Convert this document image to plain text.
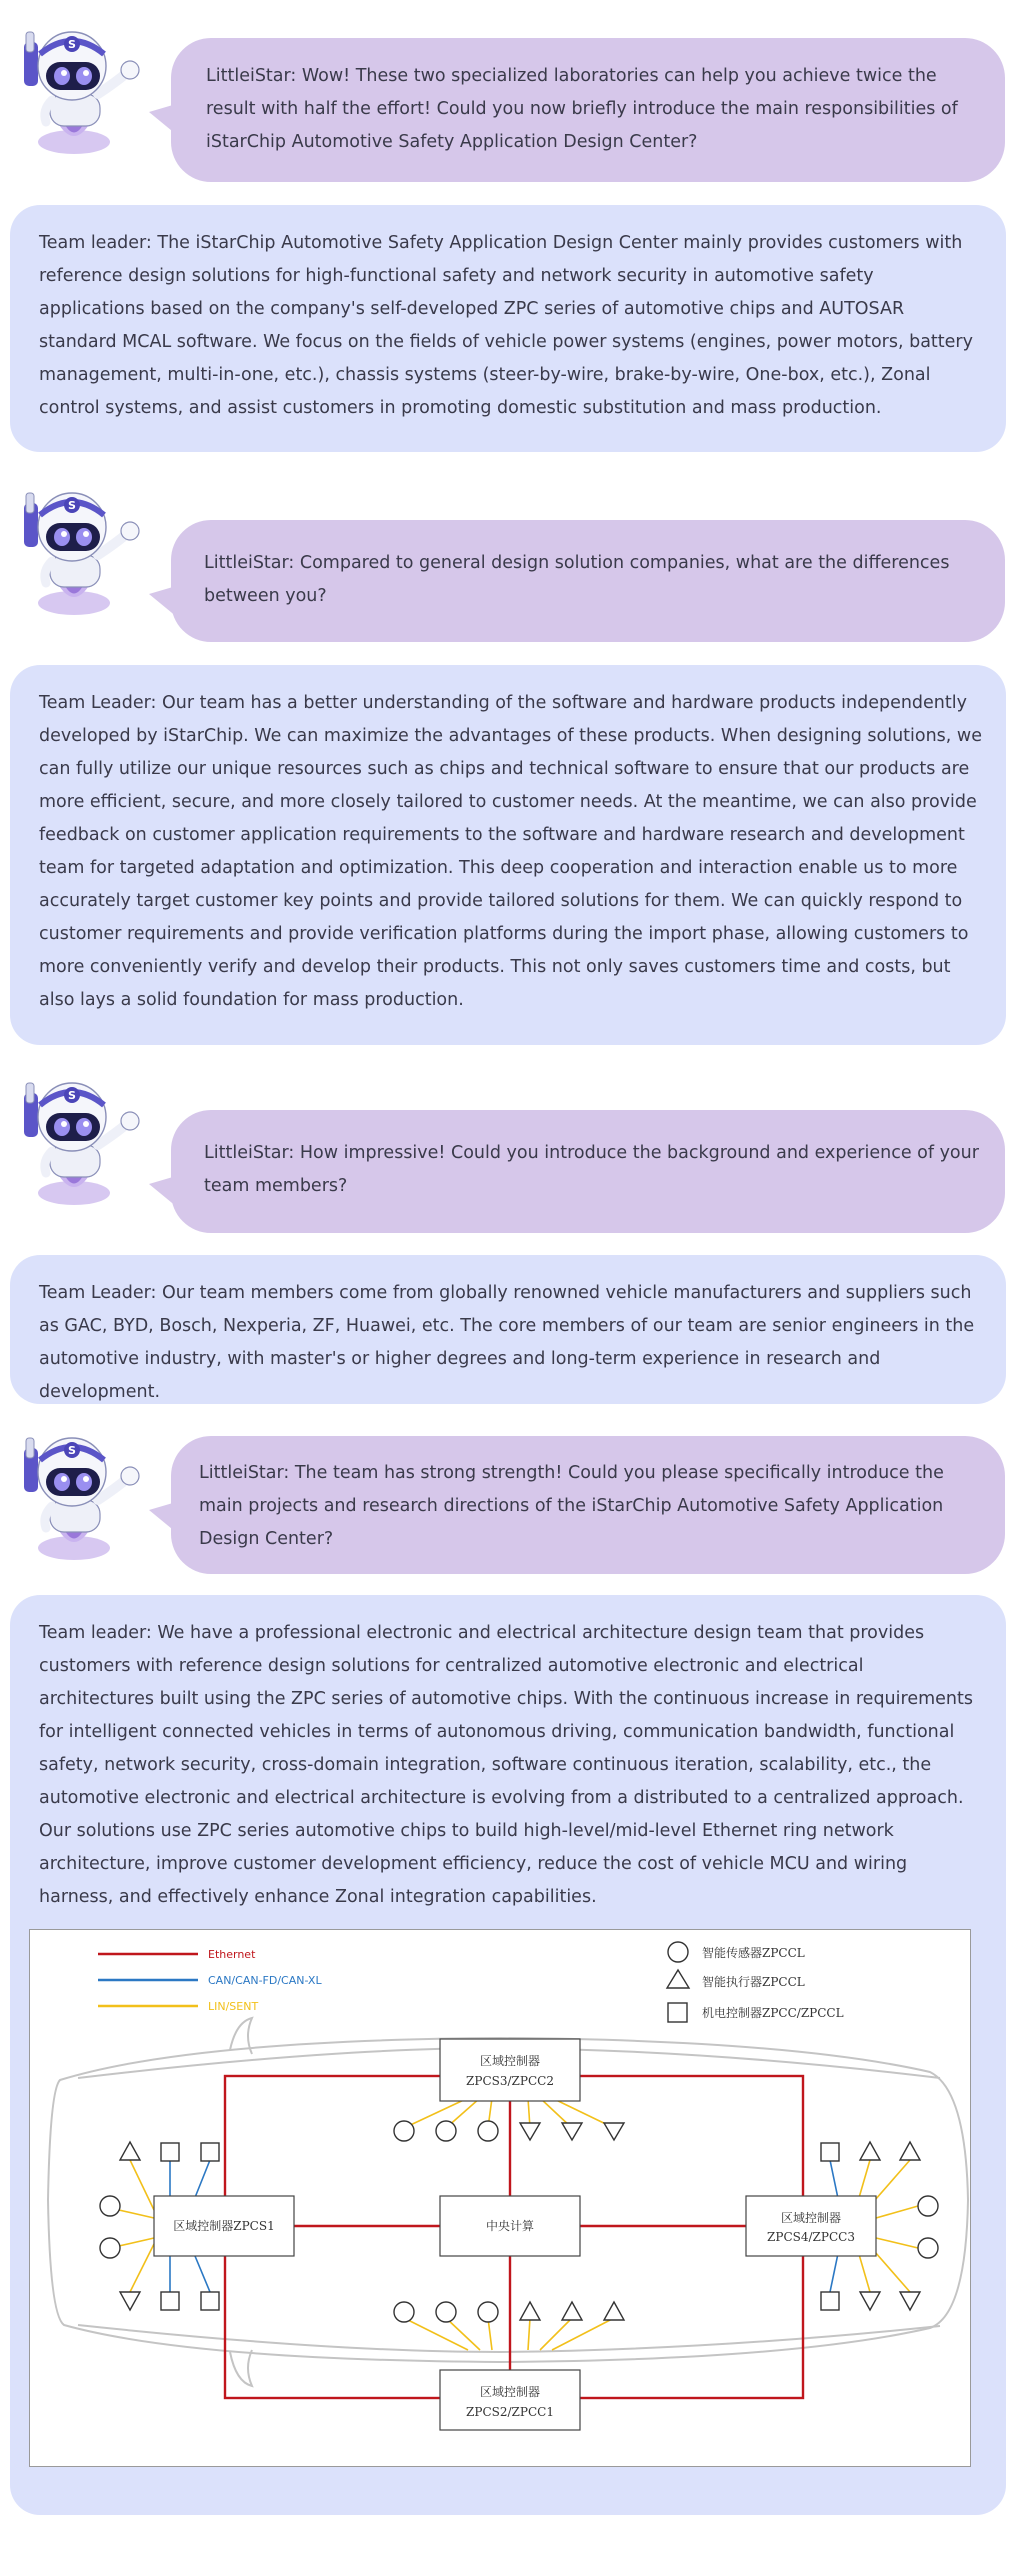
LittleiStar: Wow! These two specialized laboratories can help you achieve twice the result with half the effort! Could you now briefly introduce the main responsibilities of iStarChip Automotive Safety Application Design Center?

Team leader: The iStarChip Automotive Safety Application Design Center mainly provides customers with reference design solutions for high-functional safety and network security in automotive safety applications based on the company's self-developed ZPC series of automotive chips and AUTOSAR standard MCAL software. We focus on the fields of vehicle power systems (engines, power motors, battery management, multi-in-one, etc.), chassis systems (steer-by-wire, brake-by-wire, One-box, etc.), Zonal control systems, and assist customers in promoting domestic substitution and mass production.

LittleiStar: Compared to general design solution companies, what are the differences between you?

Team Leader: Our team has a better understanding of the software and hardware products independently developed by iStarChip. We can maximize the advantages of these products. When designing solutions, we can fully utilize our unique resources such as chips and technical software to ensure that our products are more efficient, secure, and more closely tailored to customer needs. At the meantime, we can also provide feedback on customer application requirements to the software and hardware research and development team for targeted adaptation and optimization. This deep cooperation and interaction enable us to more accurately target customer key points and provide tailored solutions for them. We can quickly respond to customer requirements and provide verification platforms during the import phase, allowing customers to more conveniently verify and develop their products. This not only saves customers time and costs, but also lays a solid foundation for mass production.

LittleiStar: How impressive! Could you introduce the background and experience of your team members?

Team Leader: Our team members come from globally renowned vehicle manufacturers and suppliers such as GAC, BYD, Bosch, Nexperia, ZF, Huawei, etc. The core members of our team are senior engineers in the automotive industry, with master's or higher degrees and long-term experience in research and development.

LittleiStar: The team has strong strength! Could you please specifically introduce the main projects and research directions of the iStarChip Automotive Safety Application Design Center?

Team leader: We have a professional electronic and electrical architecture design team that provides customers with reference design solutions for centralized automotive electronic and electrical architectures built using the ZPC series of automotive chips. With the continuous increase in requirements for intelligent connected vehicles in terms of autonomous driving, communication bandwidth, functional safety, network security, cross-domain integration, software continuous iteration, scalability, etc., the automotive electronic and electrical architecture is evolving from a distributed to a centralized approach. Our solutions use ZPC series automotive chips to build high-level/mid-level Ethernet ring network architecture, improve customer development efficiency, reduce the cost of vehicle MCU and wiring harness, and effectively enhance Zonal integration capabilities.

区域控制器
ZPCS3/ZPCC2
区域控制器ZPCS1	中央计算
区域控制器
ZPCS4/ZPCC3
区域控制器
ZPCS2/ZPCC1
Ethernet
CAN/CAN-FD/CAN-XL
LIN/SENT
智能传感器ZPCCL
智能执行器ZPCCL
机电控制器ZPCC/ZPCCL
